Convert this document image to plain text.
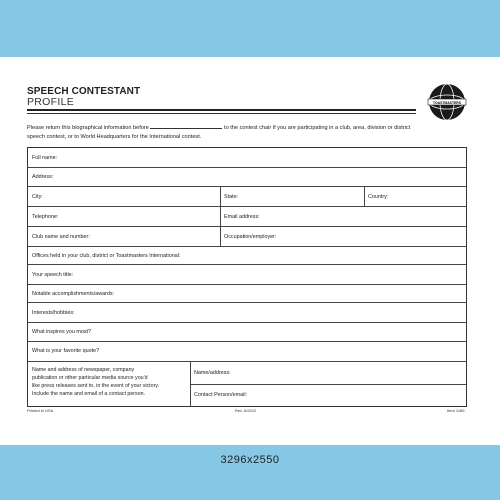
SPEECH CONTESTANT
PROFILE	TOASTMASTERS
Please return this biographical information before	to the contest chair if you are participating in a club, area, division or district
speech contest, or to World Headquarters for the International contest.
Full name:
Address:
City:	State:	Country:
Telephone:	Email address:
Club name and number:	Occupation/employer:
Offices held in your club, district or Toastmasters International:
Your speech title:
Notable accomplishments/awards:
Interests/hobbies:
What inspires you most?
What is your favorite quote?
Name and address of newspaper, company
publication or other particular media source you'd
like press releases sent to, in the event of your victory.
Include the name and email of a contact person.
Name/address:
Contact Person/email:
Printed in USA	Rev. 6/2012	Item 1189
3296x2550
